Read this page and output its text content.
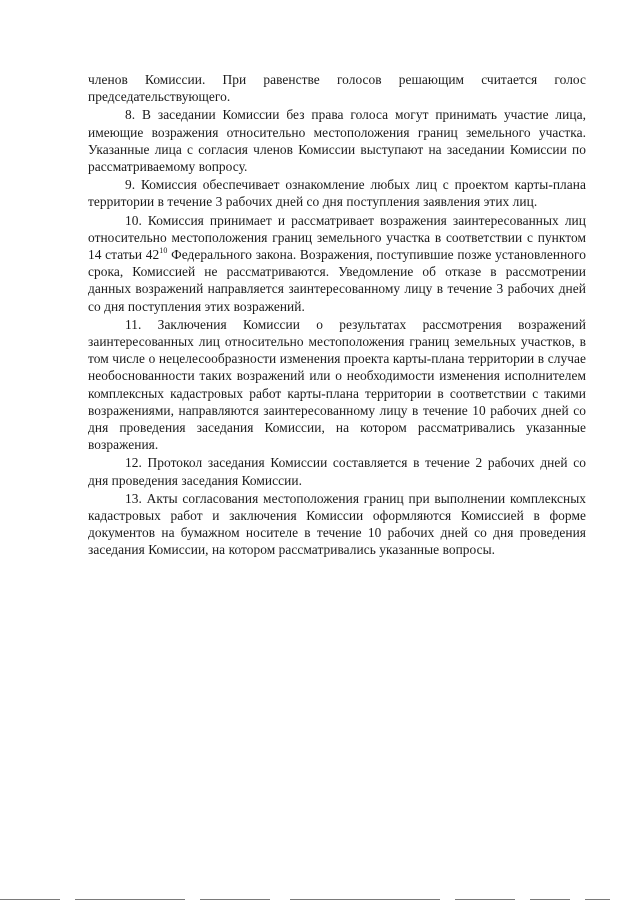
членов Комиссии. При равенстве голосов решающим считается голос председательствующего.

8. В заседании Комиссии без права голоса могут принимать участие лица, имеющие возражения относительно местоположения границ земельного участка. Указанные лица с согласия членов Комиссии выступают на заседании Комиссии по рассматриваемому вопросу.

9. Комиссия обеспечивает ознакомление любых лиц с проектом карты-плана территории в течение 3 рабочих дней со дня поступления заявления этих лиц.

10. Комиссия принимает и рассматривает возражения заинтересованных лиц относительно местоположения границ земельного участка в соответствии с пунктом 14 статьи $42^{10}$ Федерального закона. Возражения, поступившие позже установленного срока, Комиссией не рассматриваются. Уведомление об отказе в рассмотрении данных возражений направляется заинтересованному лицу в течение 3 рабочих дней со дня поступления этих возражений.

11. Заключения Комиссии о результатах рассмотрения возражений заинтересованных лиц относительно местоположения границ земельных участков, в том числе о нецелесообразности изменения проекта карты-плана территории в случае необоснованности таких возражений или о необходимости изменения исполнителем комплексных кадастровых работ карты-плана территории в соответствии с такими возражениями, направляются заинтересованному лицу в течение 10 рабочих дней со дня проведения заседания Комиссии, на котором рассматривались указанные возражения.

12. Протокол заседания Комиссии составляется в течение 2 рабочих дней со дня проведения заседания Комиссии.

13. Акты согласования местоположения границ при выполнении комплексных кадастровых работ и заключения Комиссии оформляются Комиссией в форме документов на бумажном носителе в течение 10 рабочих дней со дня проведения заседания Комиссии, на котором рассматривались указанные вопросы.
